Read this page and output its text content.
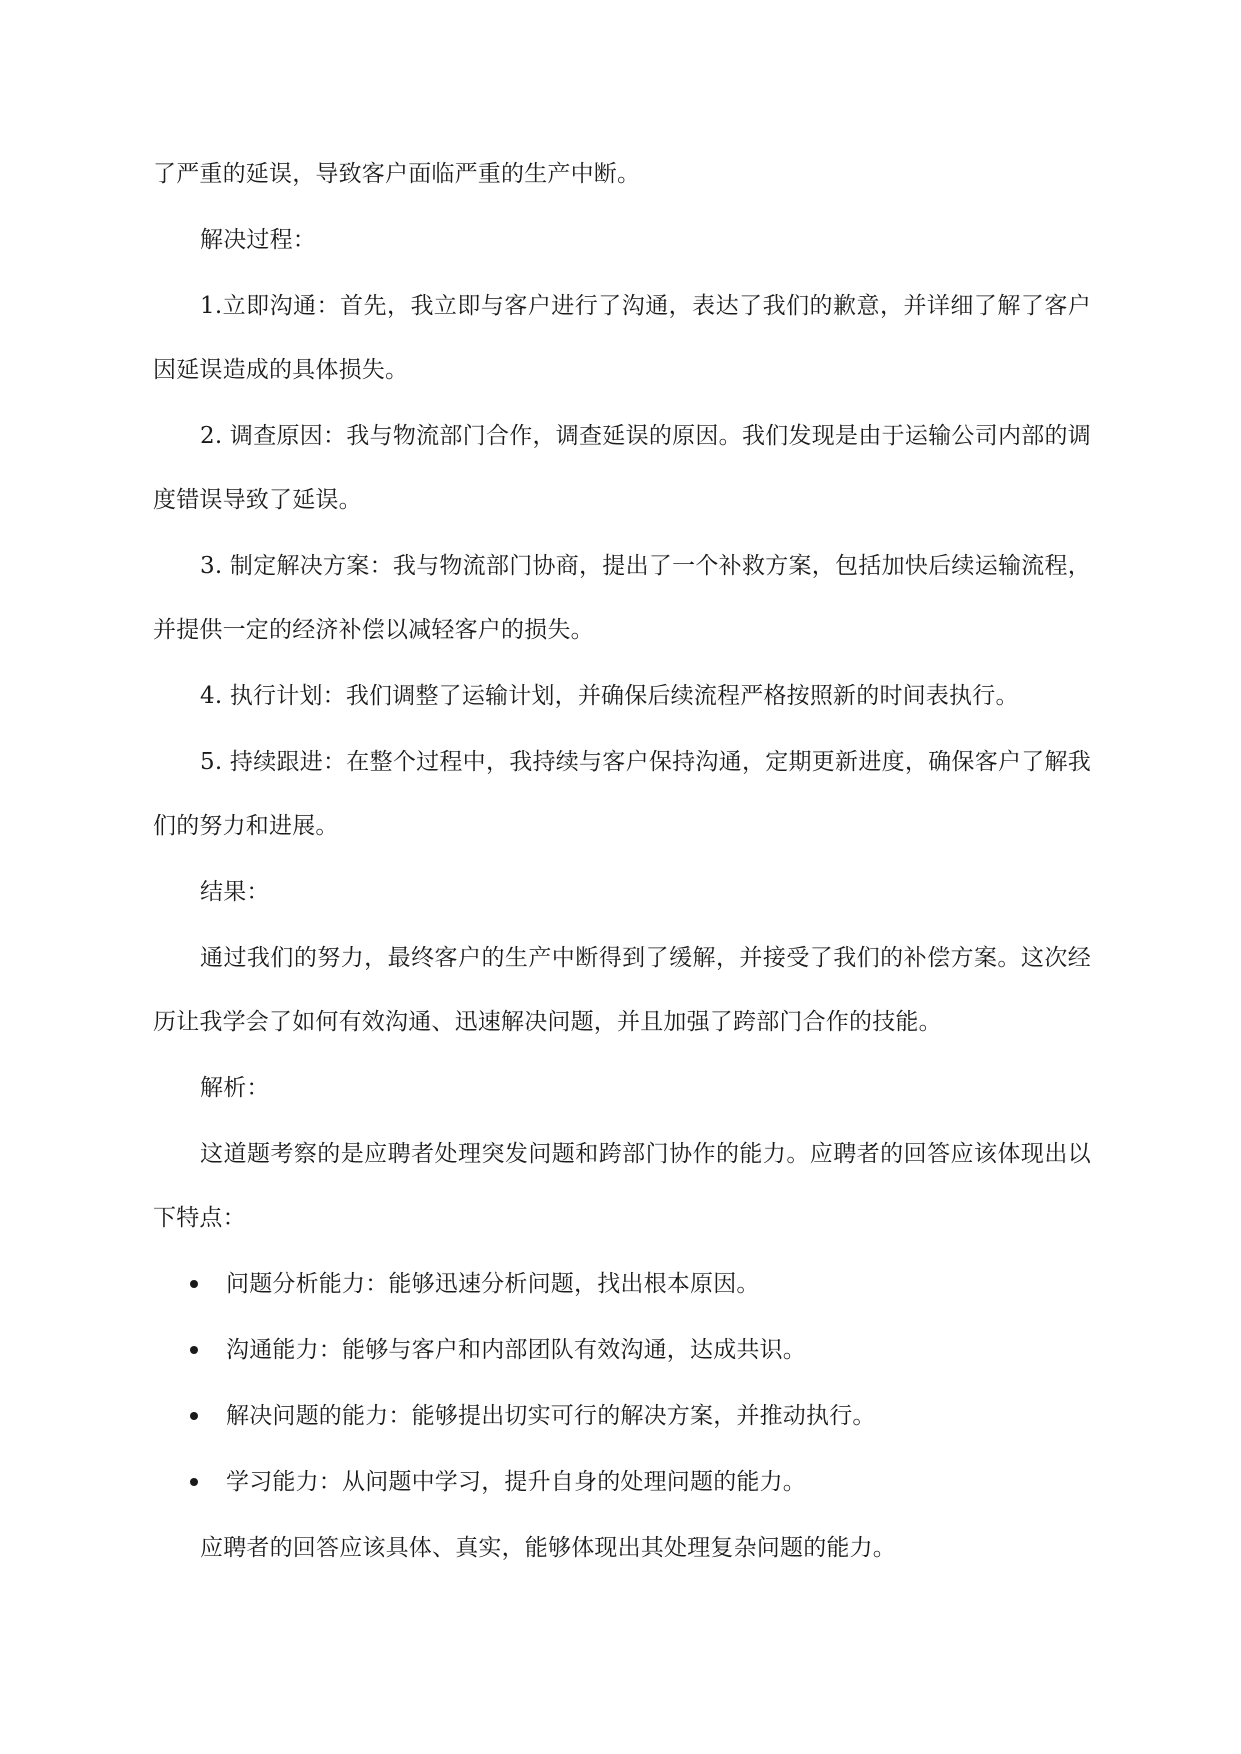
了严重的延误，导致客户面临严重的生产中断。

解决过程：

1.立即沟通：首先，我立即与客户进行了沟通，表达了我们的歉意，并详细了解了客户因延误造成的具体损失。

2. 调查原因：我与物流部门合作，调查延误的原因。我们发现是由于运输公司内部的调度错误导致了延误。

3. 制定解决方案：我与物流部门协商，提出了一个补救方案，包括加快后续运输流程，并提供一定的经济补偿以减轻客户的损失。

4. 执行计划：我们调整了运输计划，并确保后续流程严格按照新的时间表执行。

5. 持续跟进：在整个过程中，我持续与客户保持沟通，定期更新进度，确保客户了解我们的努力和进展。

结果：

通过我们的努力，最终客户的生产中断得到了缓解，并接受了我们的补偿方案。这次经历让我学会了如何有效沟通、迅速解决问题，并且加强了跨部门合作的技能。

解析：

这道题考察的是应聘者处理突发问题和跨部门协作的能力。应聘者的回答应该体现出以下特点：

问题分析能力：能够迅速分析问题，找出根本原因。
沟通能力：能够与客户和内部团队有效沟通，达成共识。
解决问题的能力：能够提出切实可行的解决方案，并推动执行。
学习能力：从问题中学习，提升自身的处理问题的能力。

应聘者的回答应该具体、真实，能够体现出其处理复杂问题的能力。
